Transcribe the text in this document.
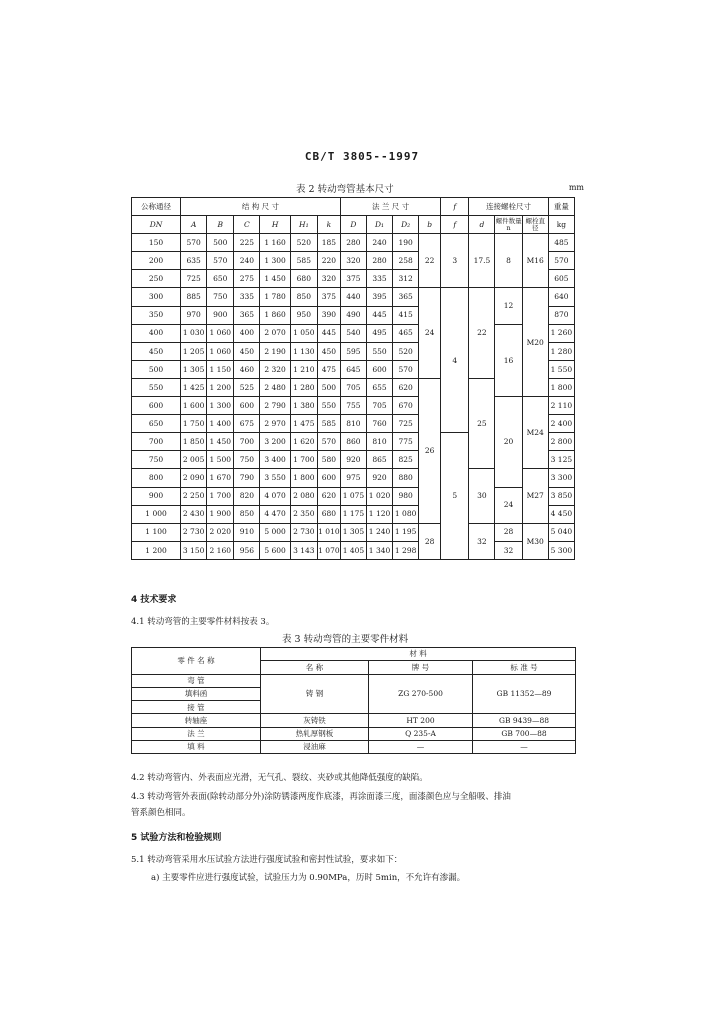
CB/T 3805--1997
表 2 转动弯管基本尺寸	mm
公称通径	结 构 尺 寸						法 兰 尺 寸				f	连接螺栓尺寸			重量
DN	A	B	C	H	H₁	k	D	D₁	D₂	b	f	d	螺件数量 n	螺栓直径	kg
150	570	500	225	1 160	520	185	280	240	190	22	3	17.5	8	M16	485
200	635	570	240	1 300	585	220	320	280	258						570
250	725	650	275	1 450	680	320	375	335	312						605
300	885	750	335	1 780	850	375	440	395	365	24	4	22	12	M20	640
350	970	900	365	1 860	950	390	490	445	415						870
400	1 030	1 060	400	2 070	1 050	445	540	495	465				16		1 260
450	1 205	1 060	450	2 190	1 130	450	595	550	520						1 280
500	1 305	1 150	460	2 320	1 210	475	645	600	570						1 550
550	1 425	1 200	525	2 480	1 280	500	705	655	620	26		25			1 800
600	1 600	1 300	600	2 790	1 380	550	755	705	670				20	M24	2 110
650	1 750	1 400	675	2 970	1 475	585	810	760	725						2 400
700	1 850	1 450	700	3 200	1 620	570	860	810	775		5				2 800
750	2 005	1 500	750	3 400	1 700	580	920	865	825						3 125
800	2 090	1 670	790	3 550	1 800	600	975	920	880			30		M27	3 300
900	2 250	1 700	820	4 070	2 080	620	1 075	1 020	980				24		3 850
1 000	2 430	1 900	850	4 470	2 350	680	1 175	1 120	1 080						4 450
1 100	2 730	2 020	910	5 000	2 730	1 010	1 305	1 240	1 195	28		32	28	M30	5 040
1 200	3 150	2 160	956	5 600	3 143	1 070	1 405	1 340	1 298				32		5 300
4 技术要求
4.1 转动弯管的主要零件材料按表 3。
表 3 转动弯管的主要零件材料
零 件 名 称	材 料		
	名 称	牌 号	标 准 号
弯 管	铸 钢	ZG 270-500	GB 11352—89
填料函			
接 管			
转轴座	灰铸铁	HT 200	GB 9439—88
法 兰	热轧厚钢板	Q 235-A	GB 700—88
填 料	浸油麻	—	—
4.2 转动弯管内、外表面应光滑，无气孔、裂纹、夹砂或其他降低强度的缺陷。
4.3 转动弯管外表面(除转动部分外)涂防锈漆两度作底漆，再涂面漆三度，面漆颜色应与全船吸、排油
管系颜色相同。
5 试验方法和检验规则
5.1 转动弯管采用水压试验方法进行强度试验和密封性试验，要求如下：
a) 主要零件应进行强度试验，试验压力为 0.90MPa，历时 5min，不允许有渗漏。
